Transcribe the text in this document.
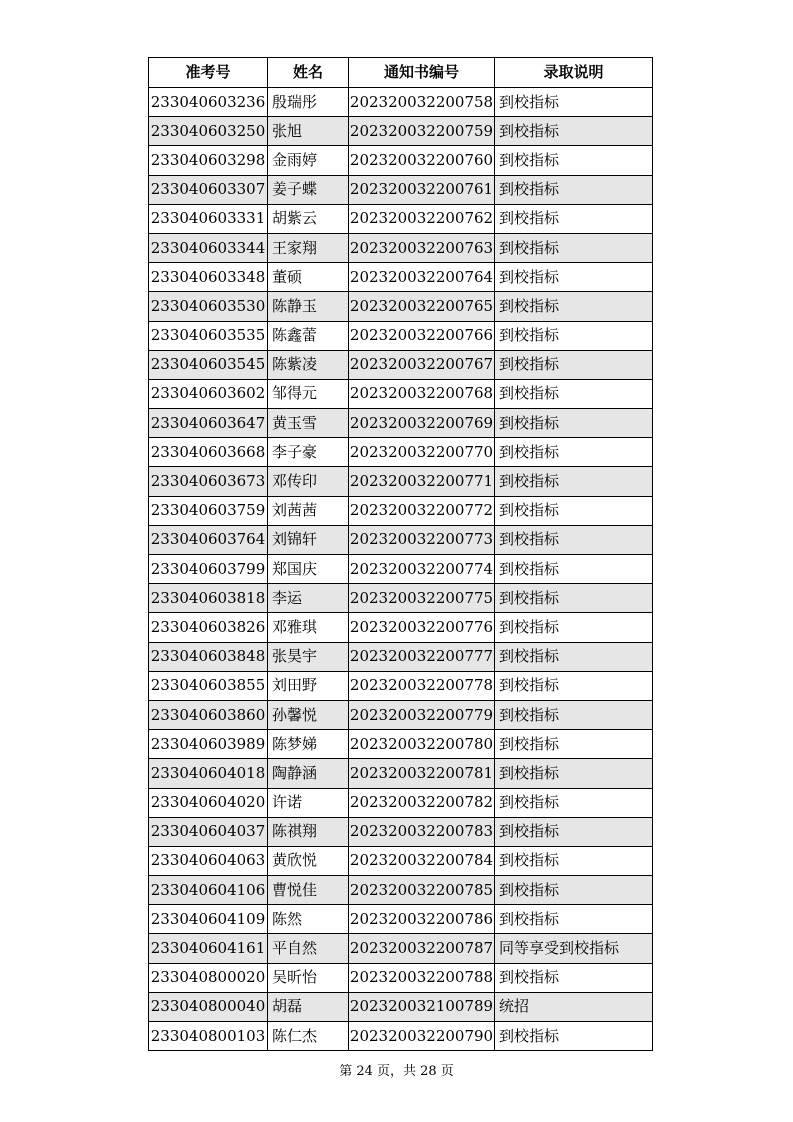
准考号	姓名	通知书编号	录取说明
233040603236	殷瑞彤	202320032200758	到校指标
233040603250	张旭	202320032200759	到校指标
233040603298	金雨婷	202320032200760	到校指标
233040603307	姜子蝶	202320032200761	到校指标
233040603331	胡紫云	202320032200762	到校指标
233040603344	王家翔	202320032200763	到校指标
233040603348	董硕	202320032200764	到校指标
233040603530	陈静玉	202320032200765	到校指标
233040603535	陈鑫蕾	202320032200766	到校指标
233040603545	陈紫凌	202320032200767	到校指标
233040603602	邹得元	202320032200768	到校指标
233040603647	黄玉雪	202320032200769	到校指标
233040603668	李子豪	202320032200770	到校指标
233040603673	邓传印	202320032200771	到校指标
233040603759	刘茜茜	202320032200772	到校指标
233040603764	刘锦轩	202320032200773	到校指标
233040603799	郑国庆	202320032200774	到校指标
233040603818	李运	202320032200775	到校指标
233040603826	邓雅琪	202320032200776	到校指标
233040603848	张昊宇	202320032200777	到校指标
233040603855	刘田野	202320032200778	到校指标
233040603860	孙馨悦	202320032200779	到校指标
233040603989	陈梦娣	202320032200780	到校指标
233040604018	陶静涵	202320032200781	到校指标
233040604020	许诺	202320032200782	到校指标
233040604037	陈祺翔	202320032200783	到校指标
233040604063	黄欣悦	202320032200784	到校指标
233040604106	曹悦佳	202320032200785	到校指标
233040604109	陈然	202320032200786	到校指标
233040604161	平自然	202320032200787	同等享受到校指标
233040800020	吴昕怡	202320032200788	到校指标
233040800040	胡磊	202320032100789	统招
233040800103	陈仁杰	202320032200790	到校指标
第 24 页，共 28 页
